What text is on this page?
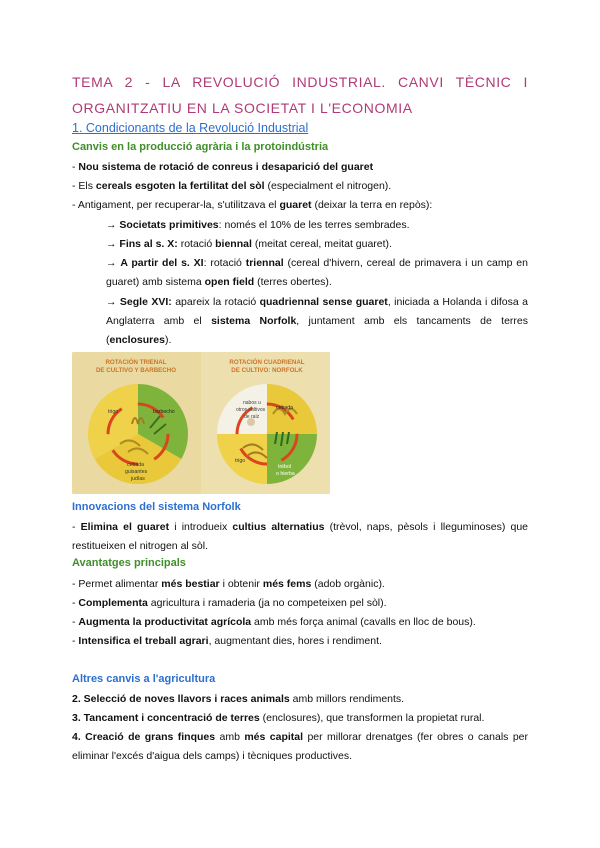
TEMA 2 - LA REVOLUCIÓ INDUSTRIAL. CANVI TÈCNIC I ORGANITZATIU EN LA SOCIETAT I L'ECONOMIA
1. Condicionants de la Revolució Industrial
Canvis en la producció agrària i la protoindústria
- Nou sistema de rotació de conreus i desaparició del guaret
- Els cereals esgoten la fertilitat del sòl (especialment el nitrogen).
- Antigament, per recuperar-la, s'utilitzava el guaret (deixar la terra en repòs):
→ Societats primitives: només el 10% de les terres sembrades.
→ Fins al s. X: rotació biennal (meitat cereal, meitat guaret).
→ A partir del s. XI: rotació triennal (cereal d'hivern, cereal de primavera i un camp en guaret) amb sistema open field (terres obertes).
→ Segle XVI: apareix la rotació quadriennal sense guaret, iniciada a Holanda i difosa a Anglaterra amb el sistema Norfolk, juntament amb els tancaments de terres (enclosures).
ROTACIÓN TRIENAL
DE CULTIVO Y BARBECHO
ROTACIÓN CUADRIENAL
DE CULTIVO: NORFOLK
trigo	barbecho
cebada
guisantes
judías
nabos u
otros cultivos
de raíz
cebada
trigo
trébol
o hierba
Innovacions del sistema Norfolk
- Elimina el guaret i introdueix cultius alternatius (trèvol, naps, pèsols i lleguminoses) que restitueixen el nitrogen al sòl.
Avantatges principals
- Permet alimentar més bestiar i obtenir més fems (adob orgànic).
- Complementa agricultura i ramaderia (ja no competeixen pel sòl).
- Augmenta la productivitat agrícola amb més força animal (cavalls en lloc de bous).
- Intensifica el treball agrari, augmentant dies, hores i rendiment.
Altres canvis a l'agricultura
2. Selecció de noves llavors i races animals amb millors rendiments.
3. Tancament i concentració de terres (enclosures), que transformen la propietat rural.
4. Creació de grans finques amb més capital per millorar drenatges (fer obres o canals per eliminar l'excés d'aigua dels camps) i tècniques productives.
